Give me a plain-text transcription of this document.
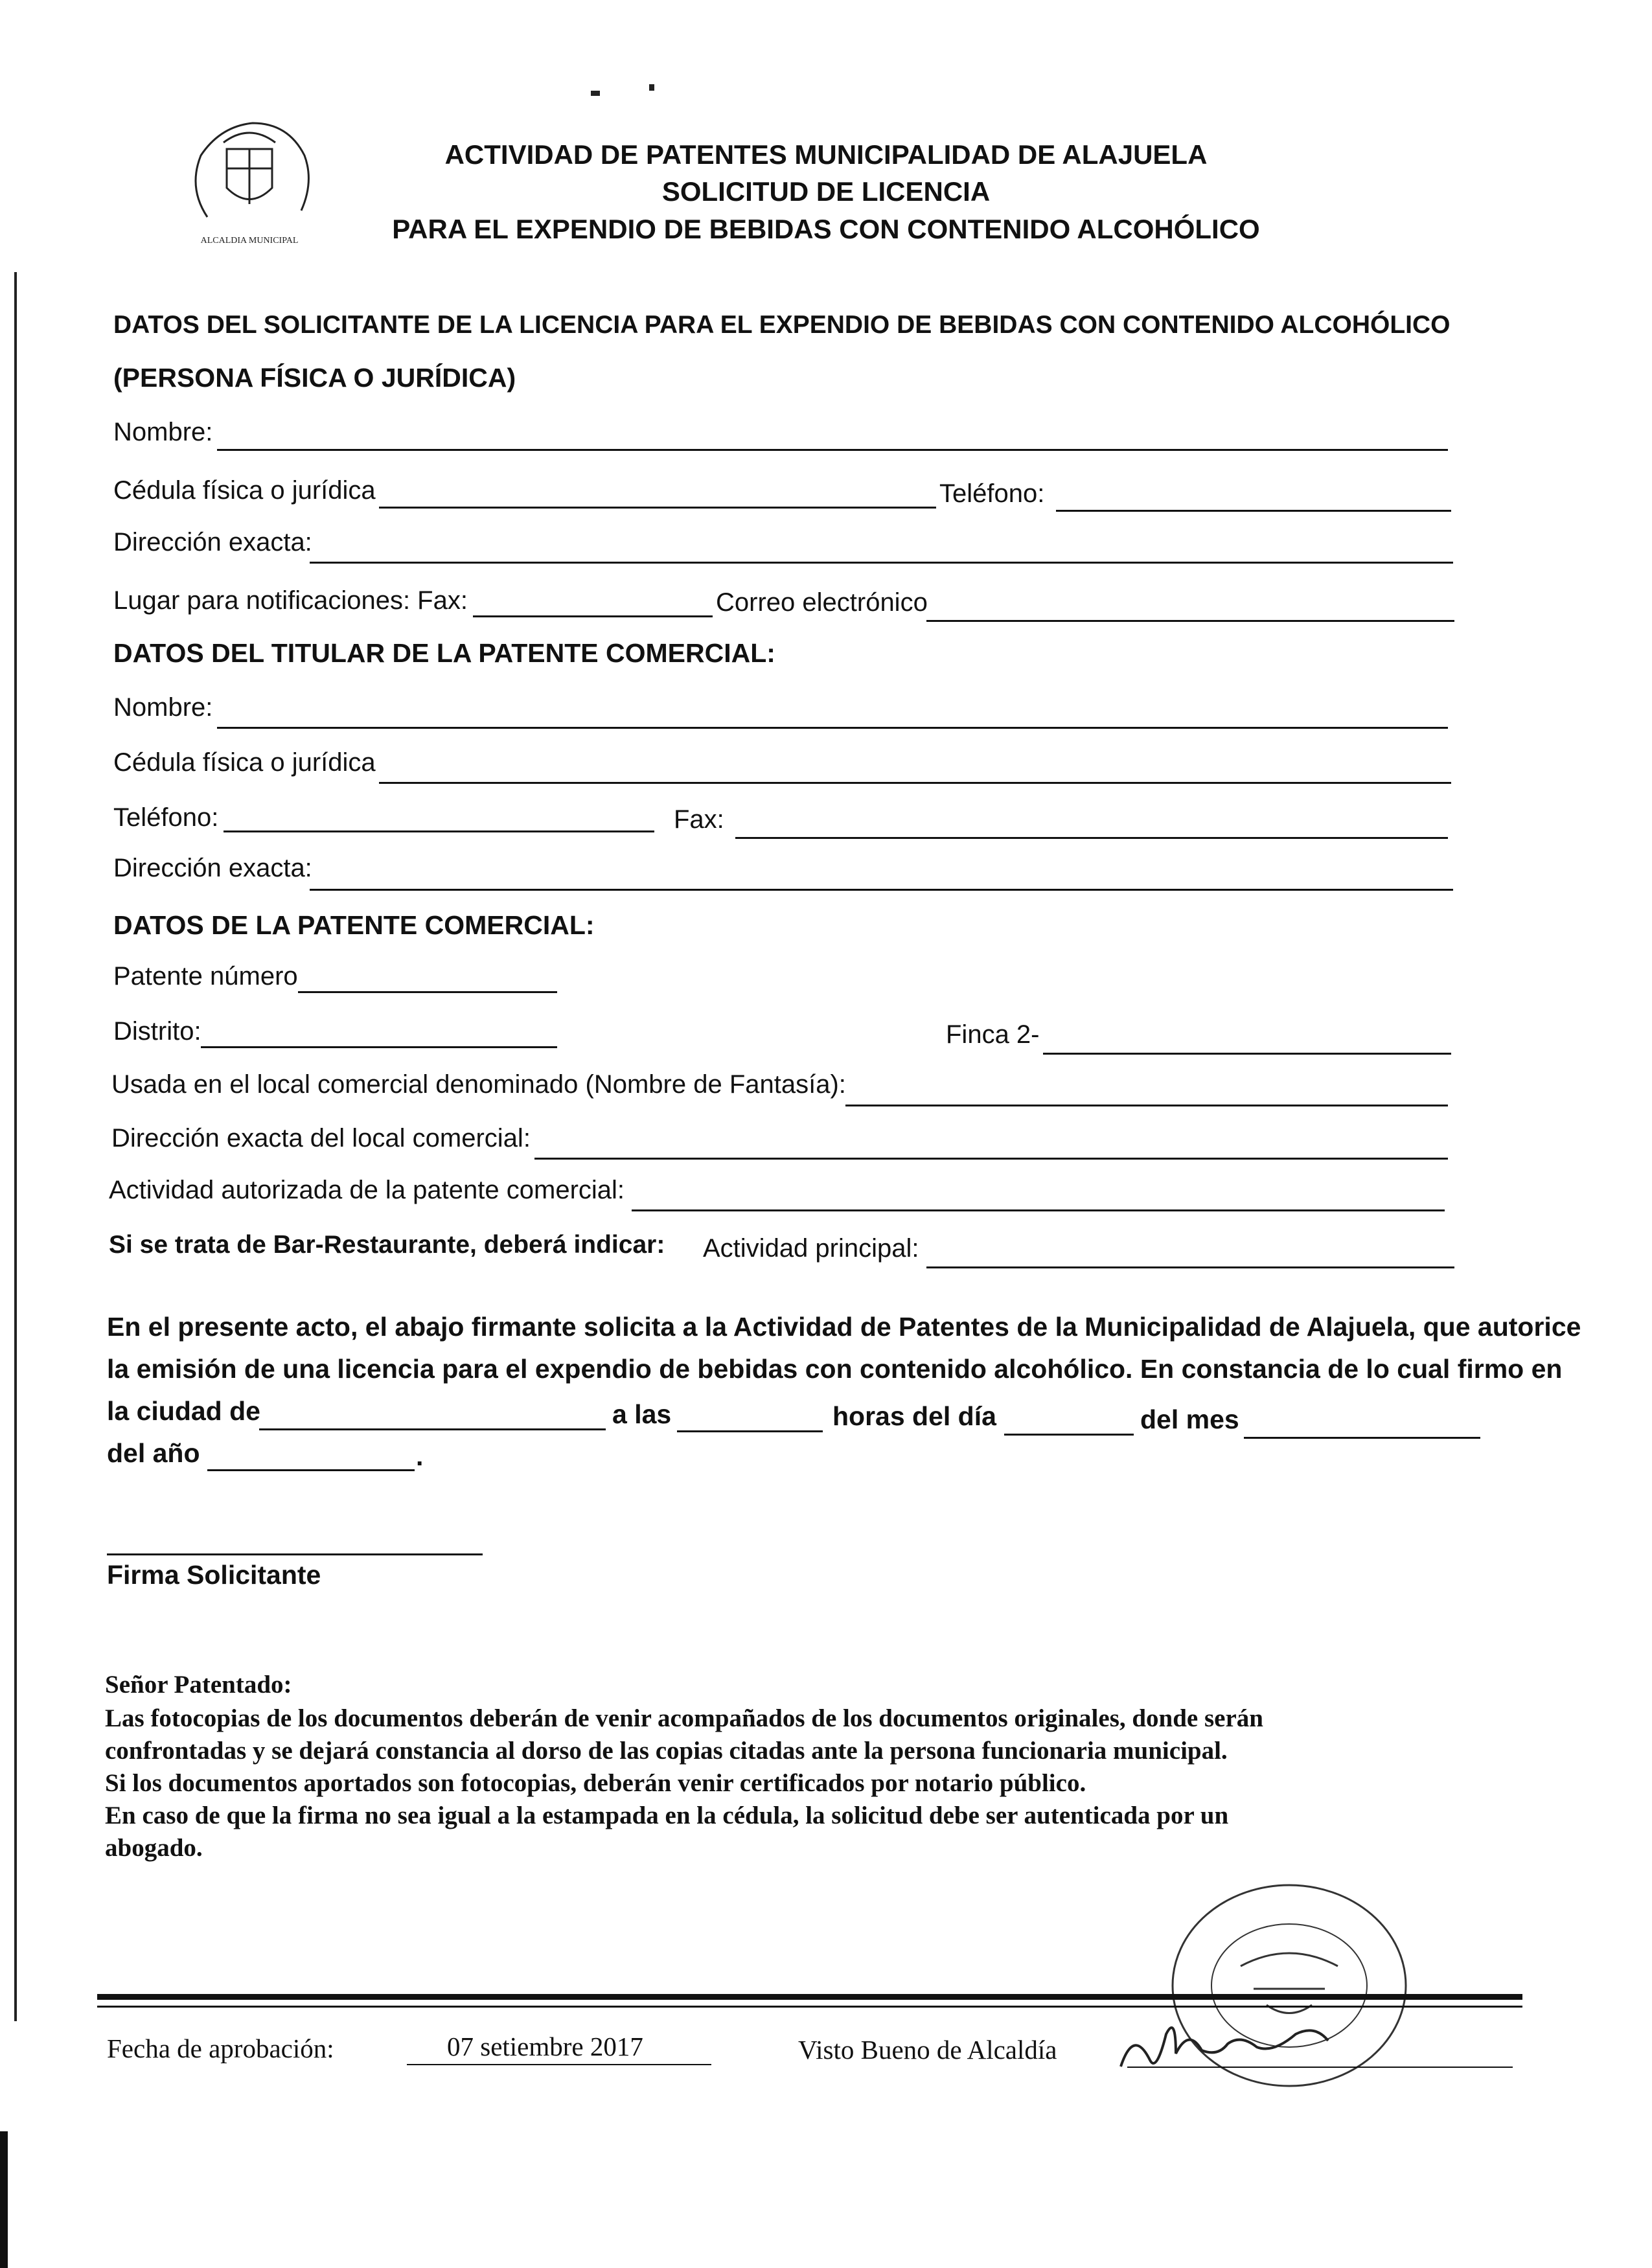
ALCALDIA MUNICIPAL
ACTIVIDAD DE PATENTES MUNICIPALIDAD DE ALAJUELA
SOLICITUD DE LICENCIA
PARA EL EXPENDIO DE BEBIDAS CON CONTENIDO ALCOHÓLICO
DATOS DEL SOLICITANTE DE LA LICENCIA PARA EL EXPENDIO DE BEBIDAS CON CONTENIDO ALCOHÓLICO
(PERSONA FÍSICA O JURÍDICA)
Nombre:
Cédula física o jurídica	Teléfono:
Dirección exacta:
Lugar para notificaciones: Fax:	Correo electrónico
DATOS DEL TITULAR DE LA PATENTE COMERCIAL:
Nombre:
Cédula física o jurídica
Teléfono:	Fax:
Dirección exacta:
DATOS DE LA PATENTE COMERCIAL:
Patente número
Distrito:	Finca 2-
Usada en el local comercial denominado (Nombre de Fantasía):
Dirección exacta del local comercial:
Actividad autorizada de la patente comercial:
Si se trata de Bar-Restaurante, deberá indicar: Actividad principal:
En el presente acto, el abajo firmante solicita a la Actividad de Patentes de la Municipalidad de Alajuela, que autorice
la emisión de una licencia para el expendio de bebidas con contenido alcohólico. En constancia de lo cual firmo en
la ciudad de	a las	horas del día	del mes
del año	.
Firma Solicitante
Señor Patentado:
Las fotocopias de los documentos deberán de venir acompañados de los documentos originales, donde serán
confrontadas y se dejará constancia al dorso de las copias citadas ante la persona funcionaria municipal.
Si los documentos aportados son fotocopias, deberán venir certificados por notario público.
En caso de que la firma no sea igual a la estampada en la cédula, la solicitud debe ser autenticada por un
abogado.
Fecha de aprobación:	07 setiembre 2017	Visto Bueno de Alcaldía
